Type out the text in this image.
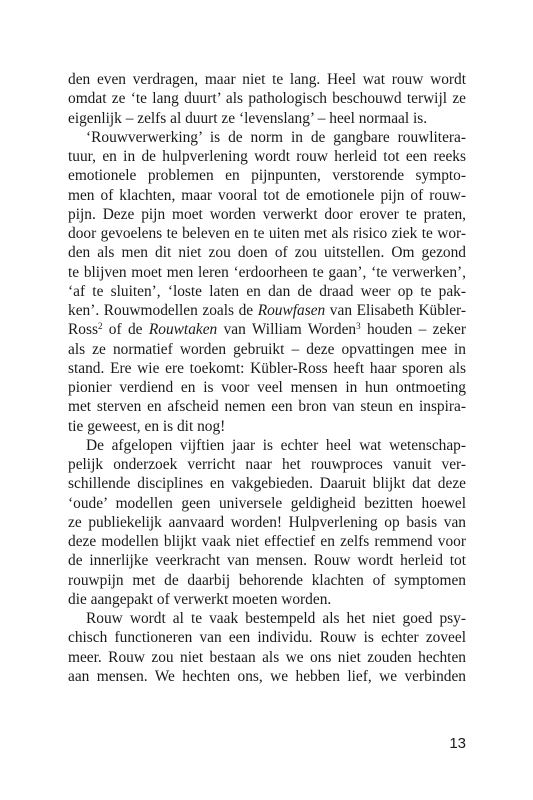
den even verdragen, maar niet te lang. Heel wat rouw wordt
omdat ze ‘te lang duurt’ als pathologisch beschouwd terwijl ze
eigenlijk – zelfs al duurt ze ‘levenslang’ – heel normaal is.
‘Rouwverwerking’ is de norm in de gangbare rouwlitera-
tuur, en in de hulpverlening wordt rouw herleid tot een reeks
emotionele problemen en pijnpunten, verstorende sympto-
men of klachten, maar vooral tot de emotionele pijn of rouw-
pijn. Deze pijn moet worden verwerkt door erover te praten,
door gevoelens te beleven en te uiten met als risico ziek te wor-
den als men dit niet zou doen of zou uitstellen. Om gezond
te blijven moet men leren ‘erdoorheen te gaan’, ‘te verwerken’,
‘af te sluiten’, ‘loste laten en dan de draad weer op te pak-
ken’. Rouwmodellen zoals de Rouwfasen van Elisabeth Kübler-
Ross$^2$ of de Rouwtaken van William Worden$^3$ houden – zeker
als ze normatief worden gebruikt – deze opvattingen mee in
stand. Ere wie ere toekomt: Kübler-Ross heeft haar sporen als
pionier verdiend en is voor veel mensen in hun ontmoeting
met sterven en afscheid nemen een bron van steun en inspira-
tie geweest, en is dit nog!
De afgelopen vijftien jaar is echter heel wat wetenschap-
pelijk onderzoek verricht naar het rouwproces vanuit ver-
schillende disciplines en vakgebieden. Daaruit blijkt dat deze
‘oude’ modellen geen universele geldigheid bezitten hoewel
ze publiekelijk aanvaard worden! Hulpverlening op basis van
deze modellen blijkt vaak niet effectief en zelfs remmend voor
de innerlijke veerkracht van mensen. Rouw wordt herleid tot
rouwpijn met de daarbij behorende klachten of symptomen
die aangepakt of verwerkt moeten worden.
Rouw wordt al te vaak bestempeld als het niet goed psy-
chisch functioneren van een individu. Rouw is echter zoveel
meer. Rouw zou niet bestaan als we ons niet zouden hechten
aan mensen. We hechten ons, we hebben lief, we verbinden
13
